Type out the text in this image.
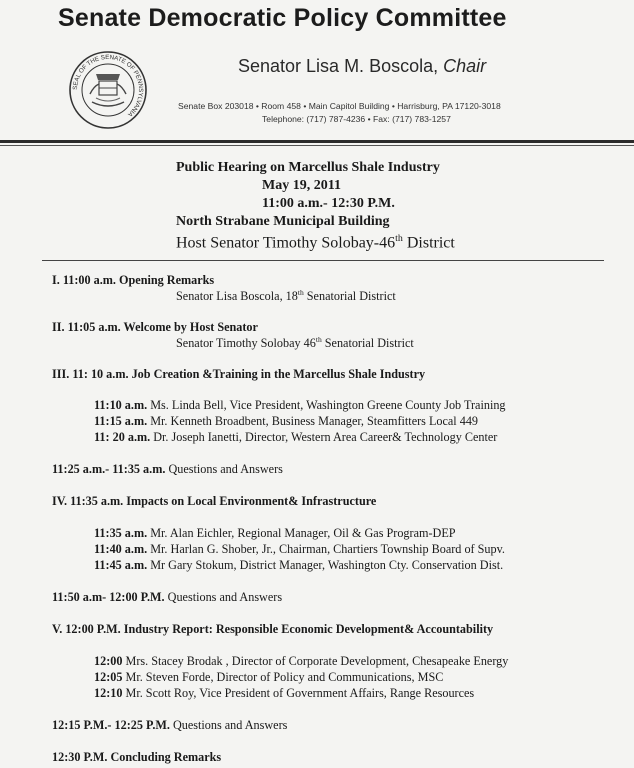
Senate Democratic Policy Committee
SEAL OF THE SENATE OF PENNSYLVANIA
Senator Lisa M. Boscola, Chair
Senate Box 203018 • Room 458 • Main Capitol Building • Harrisburg, PA 17120-3018
Telephone: (717) 787-4236 • Fax: (717) 783-1257
Public Hearing on Marcellus Shale Industry
May 19, 2011
11:00 a.m.- 12:30 P.M.
North Strabane Municipal Building
Host Senator Timothy Solobay-46th District
I. 11:00 a.m. Opening Remarks
Senator Lisa Boscola, 18th Senatorial District
II. 11:05 a.m. Welcome by Host Senator
Senator Timothy Solobay 46th Senatorial District
III. 11: 10 a.m. Job Creation &Training in the Marcellus Shale Industry
11:10 a.m. Ms. Linda Bell, Vice President, Washington Greene County Job Training
11:15 a.m. Mr. Kenneth Broadbent, Business Manager, Steamfitters Local 449
11: 20 a.m. Dr. Joseph Ianetti, Director, Western Area Career& Technology Center
11:25 a.m.- 11:35 a.m. Questions and Answers
IV. 11:35 a.m. Impacts on Local Environment& Infrastructure
11:35 a.m. Mr. Alan Eichler, Regional Manager, Oil & Gas Program-DEP
11:40 a.m. Mr. Harlan G. Shober, Jr., Chairman, Chartiers Township Board of Supv.
11:45 a.m. Mr Gary Stokum, District Manager, Washington Cty. Conservation Dist.
11:50 a.m- 12:00 P.M. Questions and Answers
V. 12:00 P.M. Industry Report: Responsible Economic Development& Accountability
12:00 Mrs. Stacey Brodak , Director of Corporate Development, Chesapeake Energy
12:05 Mr. Steven Forde, Director of Policy and Communications, MSC
12:10 Mr. Scott Roy, Vice President of Government Affairs, Range Resources
12:15 P.M.- 12:25 P.M. Questions and Answers
12:30 P.M. Concluding Remarks
